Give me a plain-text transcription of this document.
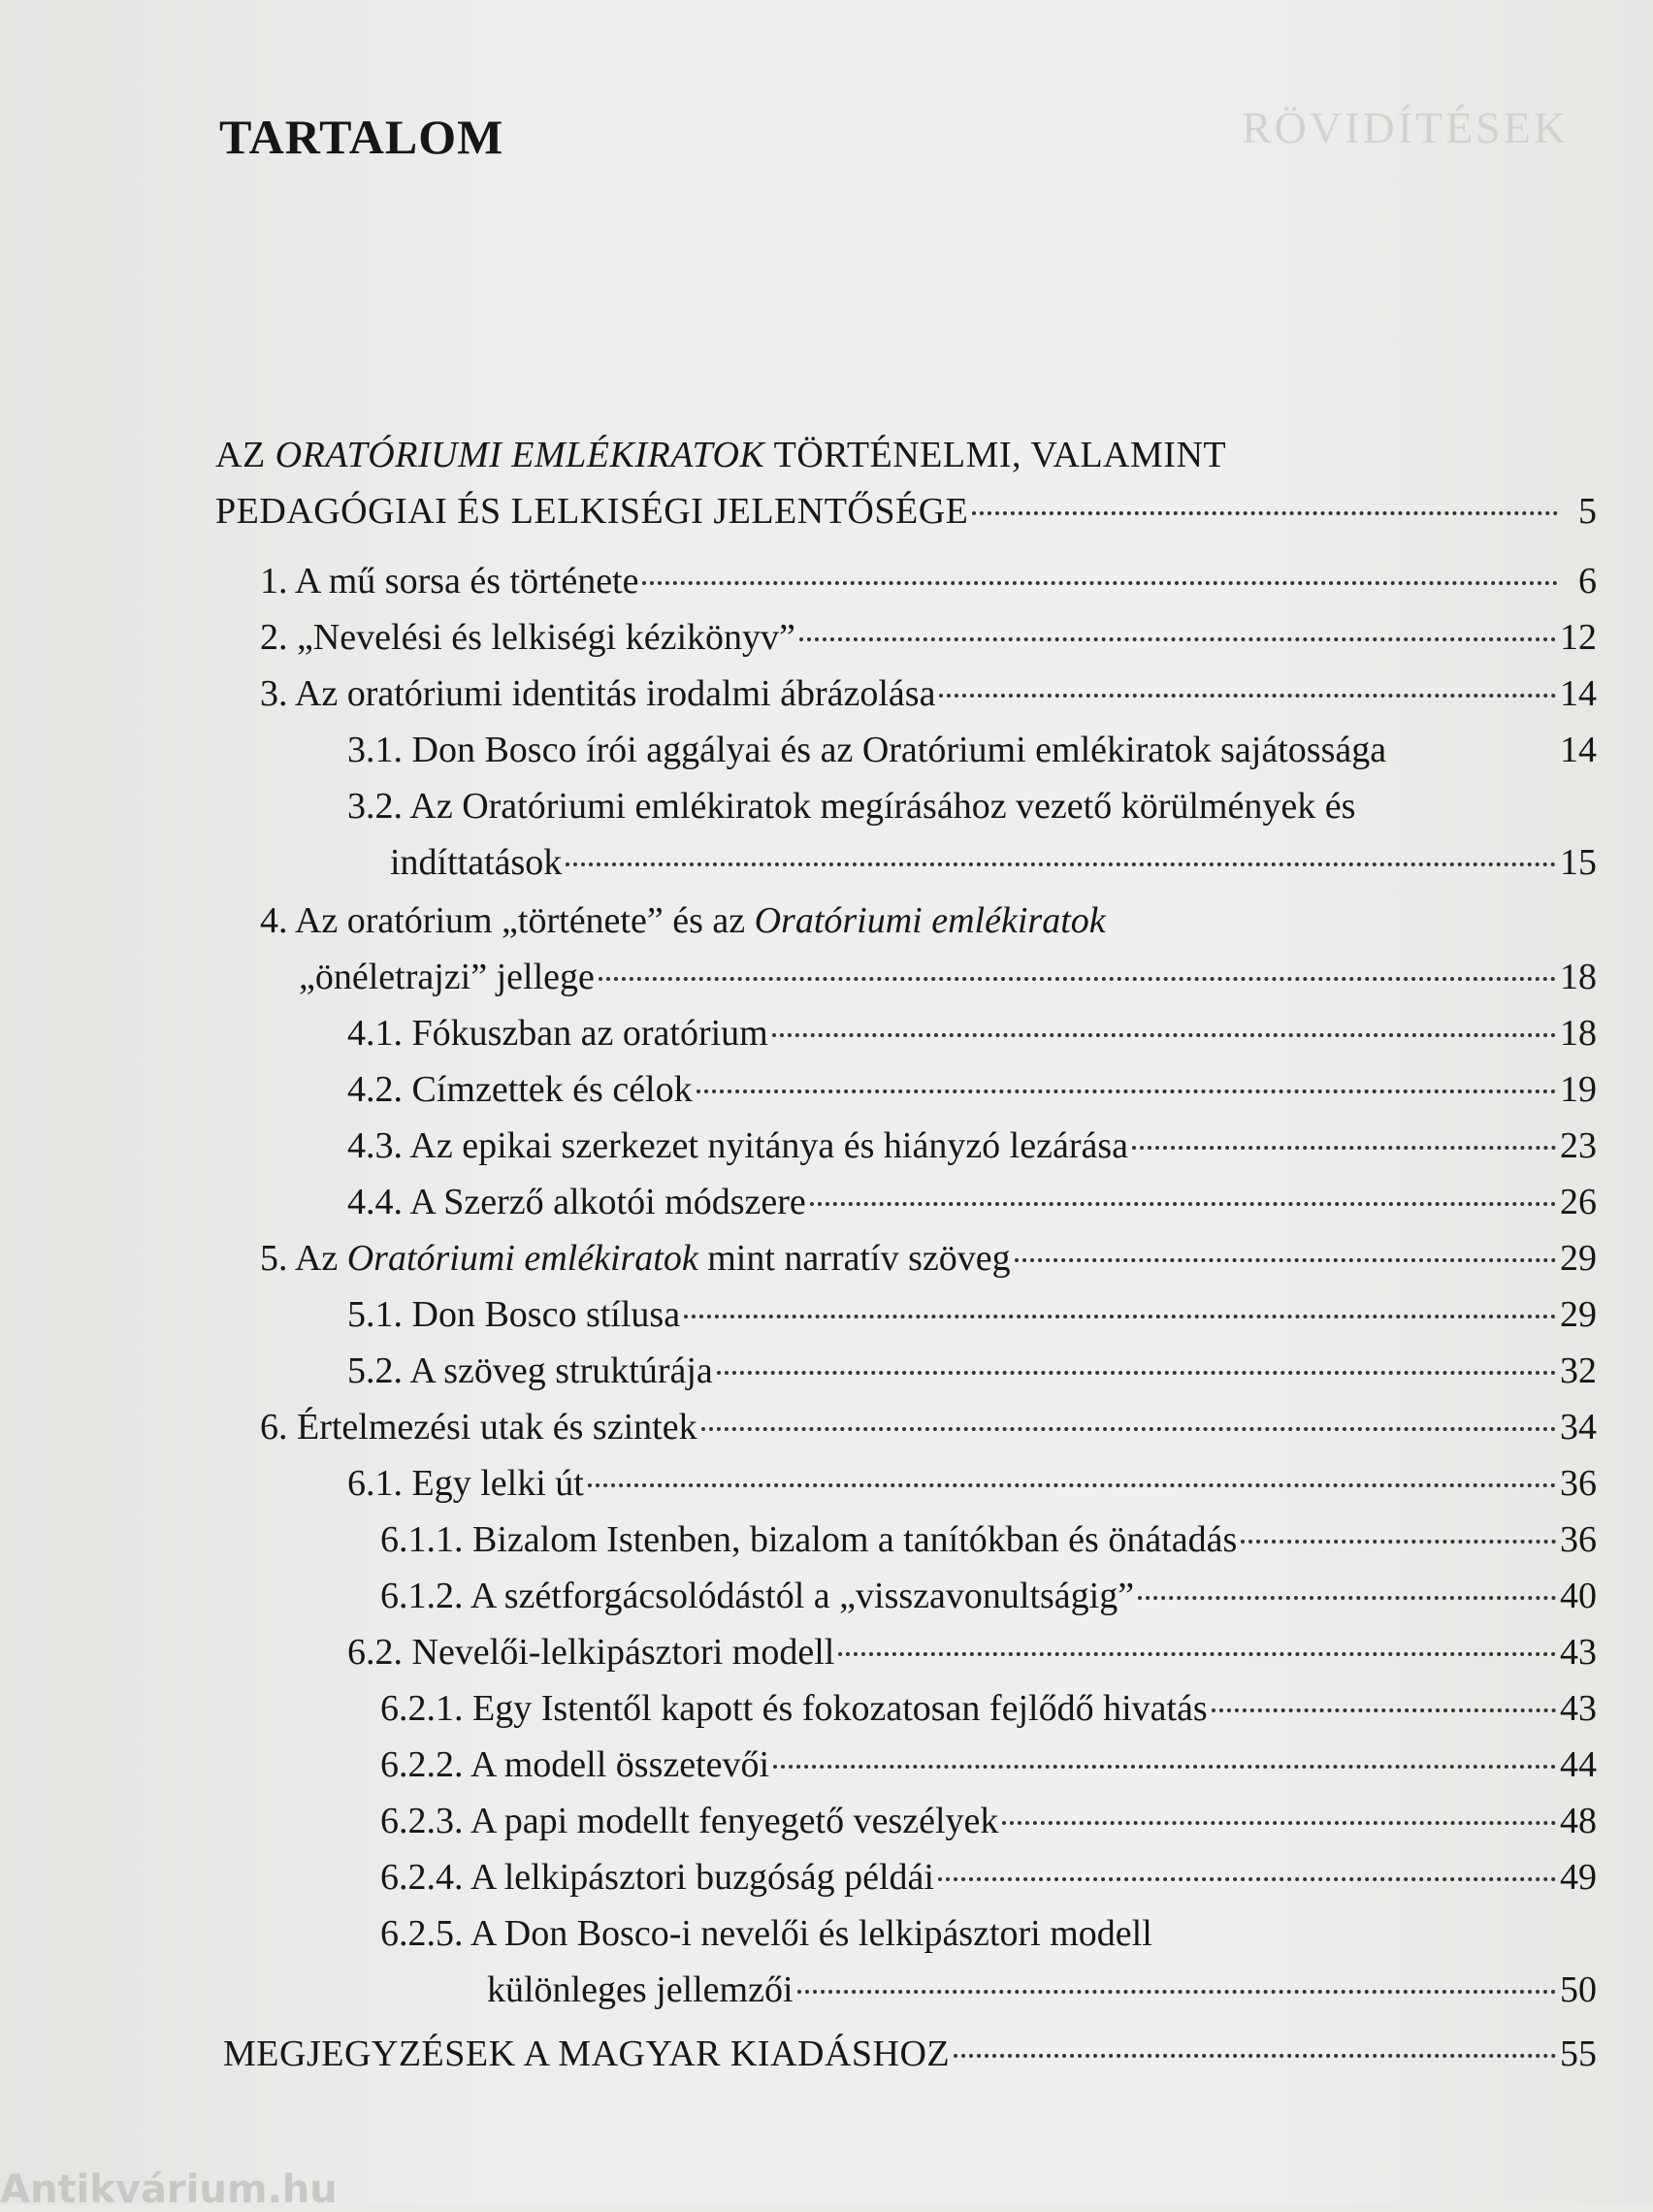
RÖVIDÍTÉSEK
TARTALOM
AZ ORATÓRIUMI EMLÉKIRATOK TÖRTÉNELMI, VALAMINT
PEDAGÓGIAI ÉS LELKISÉGI JELENTŐSÉGE	5
1. A mű sorsa és története	6
2. „Nevelési és lelkiségi kézikönyv”	12
3. Az oratóriumi identitás irodalmi ábrázolása	14
3.1. Don Bosco írói aggályai és az Oratóriumi emlékiratok sajátossága	14
3.2. Az Oratóriumi emlékiratok megírásához vezető körülmények és
indíttatások	15
4. Az oratórium „története” és az Oratóriumi emlékiratok
„önéletrajzi” jellege	18
4.1. Fókuszban az oratórium	18
4.2. Címzettek és célok	19
4.3. Az epikai szerkezet nyitánya és hiányzó lezárása	23
4.4. A Szerző alkotói módszere	26
5. Az Oratóriumi emlékiratok mint narratív szöveg	29
5.1. Don Bosco stílusa	29
5.2. A szöveg struktúrája	32
6. Értelmezési utak és szintek	34
6.1. Egy lelki út	36
6.1.1. Bizalom Istenben, bizalom a tanítókban és önátadás	36
6.1.2. A szétforgácsolódástól a „visszavonultságig”	40
6.2. Nevelői-lelkipásztori modell	43
6.2.1. Egy Istentől kapott és fokozatosan fejlődő hivatás	43
6.2.2. A modell összetevői	44
6.2.3. A papi modellt fenyegető veszélyek	48
6.2.4. A lelkipásztori buzgóság példái	49
6.2.5. A Don Bosco-i nevelői és lelkipásztori modell
különleges jellemzői	50
MEGJEGYZÉSEK A MAGYAR KIADÁSHOZ	55
Antikvárium.hu
